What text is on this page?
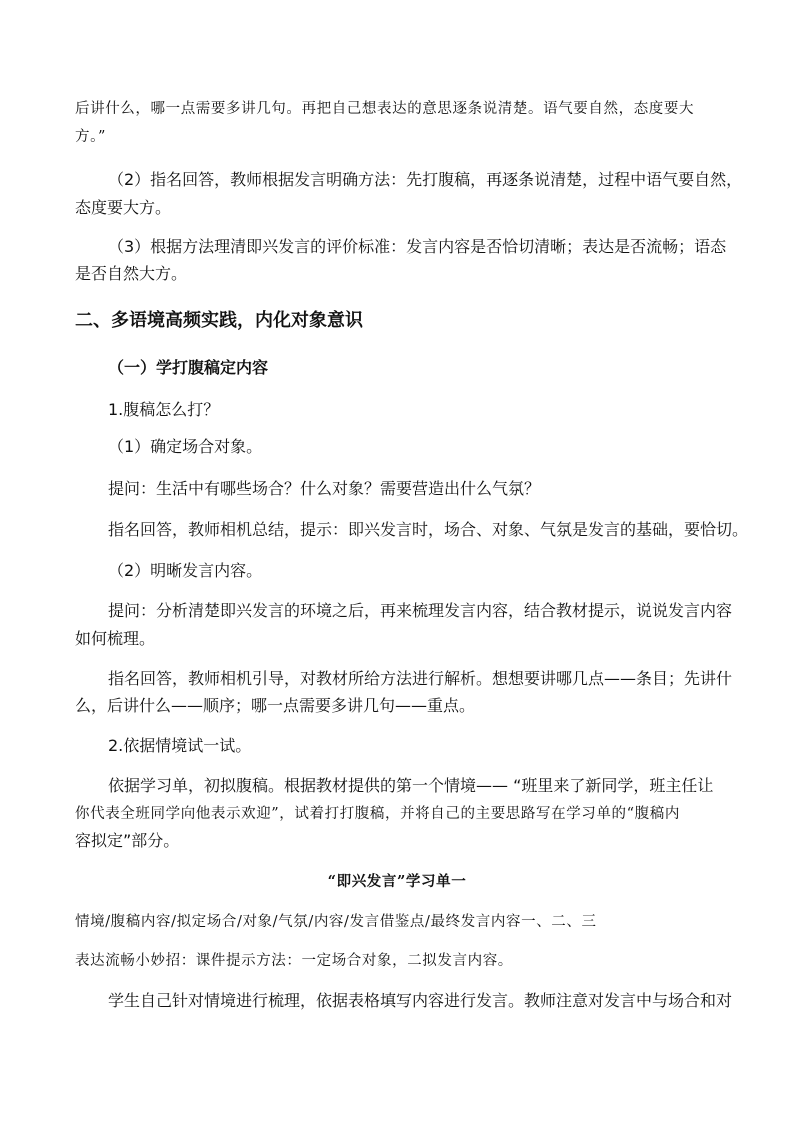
后讲什么，哪一点需要多讲几句。再把自己想表达的意思逐条说清楚。语气要自然，态度要大

方。”

（2）指名回答，教师根据发言明确方法：先打腹稿，再逐条说清楚，过程中语气要自然，

态度要大方。

（3）根据方法理清即兴发言的评价标准：发言内容是否恰切清晰；表达是否流畅；语态

是否自然大方。

二、多语境高频实践，内化对象意识

（一）学打腹稿定内容

1.腹稿怎么打？

（1）确定场合对象。

提问：生活中有哪些场合？什么对象？需要营造出什么气氛？

指名回答，教师相机总结，提示：即兴发言时，场合、对象、气氛是发言的基础，要恰切。

（2）明晰发言内容。

提问：分析清楚即兴发言的环境之后，再来梳理发言内容，结合教材提示，说说发言内容

如何梳理。

指名回答，教师相机引导，对教材所给方法进行解析。想想要讲哪几点——条目；先讲什

么，后讲什么——顺序；哪一点需要多讲几句——重点。

2.依据情境试一试。

依据学习单，初拟腹稿。根据教材提供的第一个情境—— “班里来了新同学，班主任让

你代表全班同学向他表示欢迎”，试着打打腹稿，并将自己的主要思路写在学习单的“腹稿内

容拟定”部分。

“即兴发言”学习单一

情境/腹稿内容/拟定场合/对象/气氛/内容/发言借鉴点/最终发言内容一、二、三

表达流畅小妙招：课件提示方法：一定场合对象，二拟发言内容。

学生自己针对情境进行梳理，依据表格填写内容进行发言。教师注意对发言中与场合和对
